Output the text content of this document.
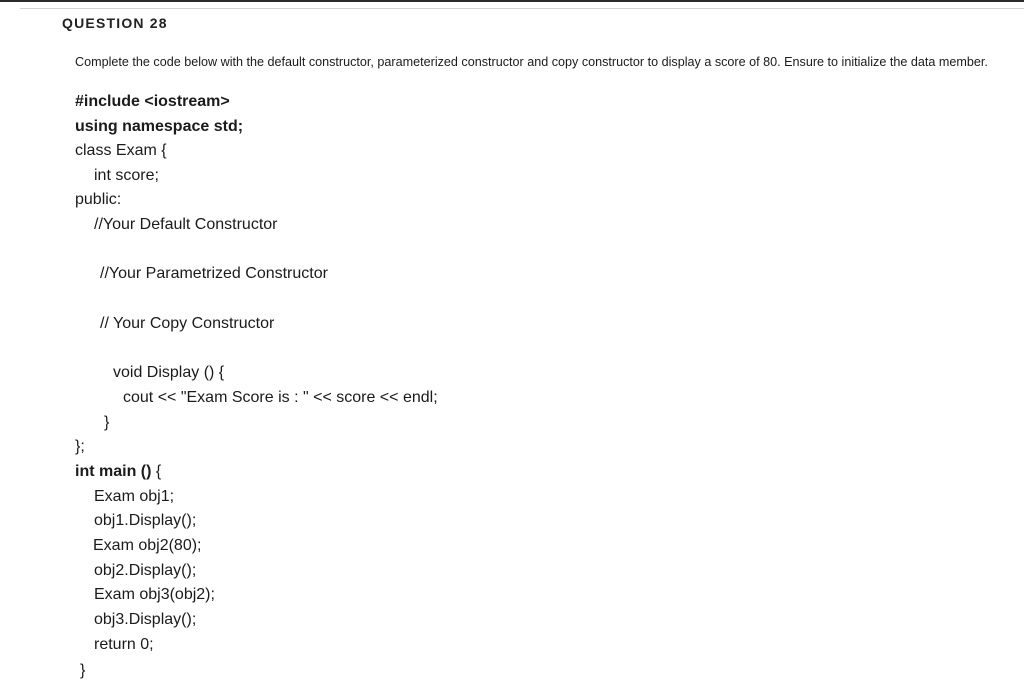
QUESTION 28
Complete the code below with the default constructor, parameterized constructor and copy constructor to display a score of 80. Ensure to initialize the data member.
#include <iostream>
using namespace std;
class Exam {
int score;
public:
//Your Default Constructor
//Your Parametrized Constructor
// Your Copy Constructor
void Display () {
cout << "Exam Score is : " << score << endl;
}
};
int main () {
Exam obj1;
obj1.Display();
Exam obj2(80);
obj2.Display();
Exam obj3(obj2);
obj3.Display();
return 0;
}
